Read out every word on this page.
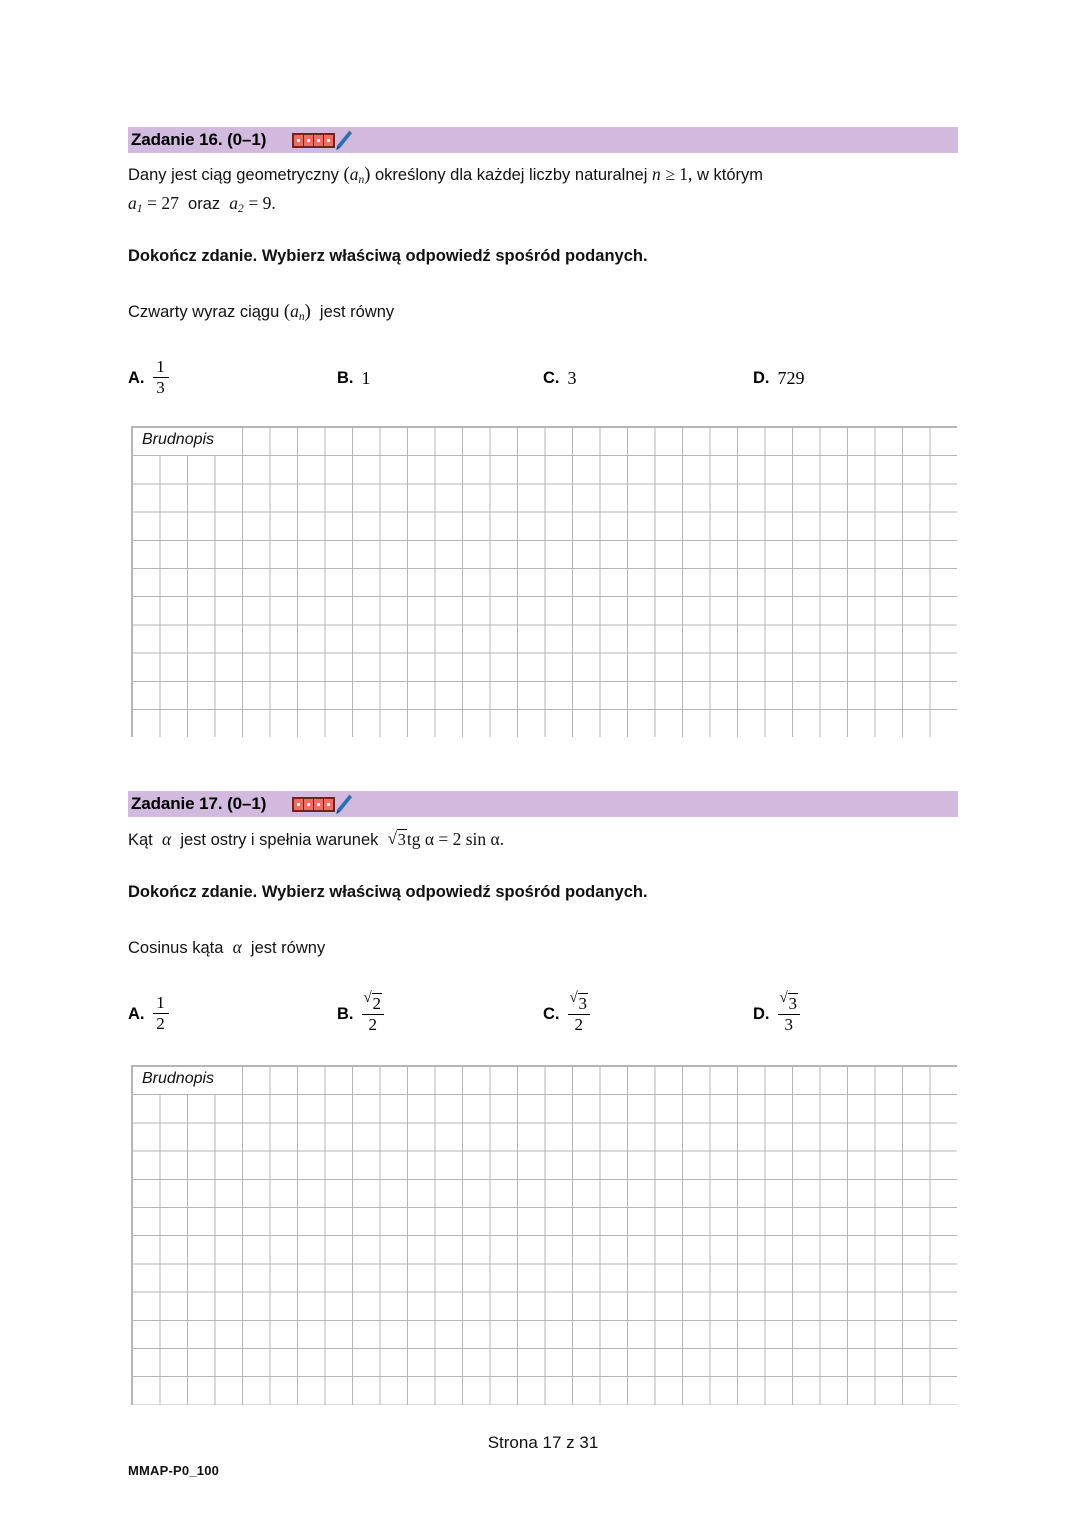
Zadanie 16. (0–1)
Dany jest ciąg geometryczny $(a_n)$ określony dla każdej liczby naturalnej n ≥ 1, w którym
$a_1 = 27$ oraz $a_2 = 9$.
Dokończ zdanie. Wybierz właściwą odpowiedź spośród podanych.
Czwarty wyraz ciągu $(a_n)$ jest równy
A. $\frac{1}{3}$	B. 1	C. 3	D. 729
Brudnopis
Zadanie 17. (0–1)
Kąt α jest ostry i spełnia warunek √ 3tg α = 2 sin α.
Dokończ zdanie. Wybierz właściwą odpowiedź spośród podanych.
Cosinus kąta α jest równy
A. $\frac{1}{2}$	B. √ $\frac{2}{2}$	C. √ $\frac{3}{2}$	D. √ $\frac{3}{3}$
Brudnopis
Strona 17 z 31
MMAP-P0_100
